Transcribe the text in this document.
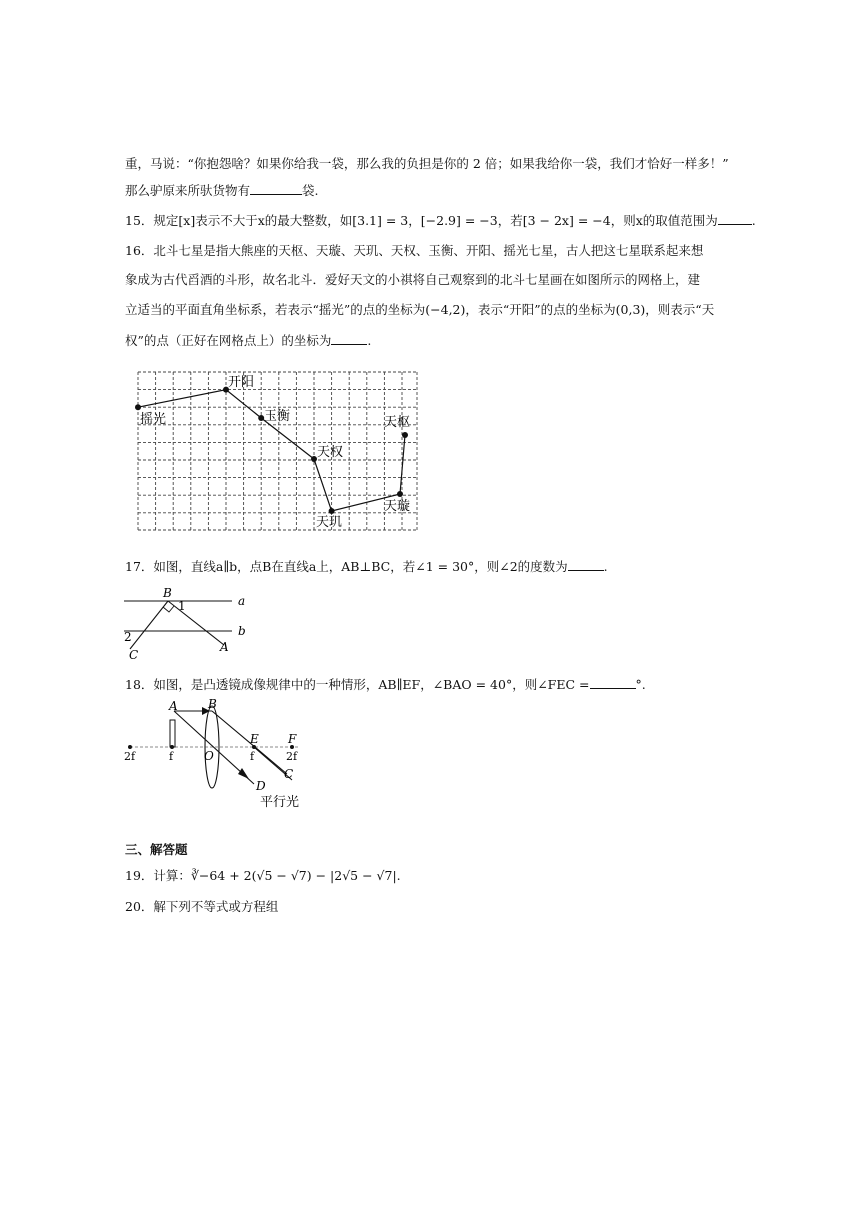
重，马说：“你抱怨啥？如果你给我一袋，那么我的负担是你的 2 倍；如果我给你一袋，我们才恰好一样多！”
那么驴原来所驮货物有	袋.
15．规定[x]表示不大于x的最大整数，如[3.1] = 3，[−2.9] = −3，若[3 − 2x] = −4，则x的取值范围为	.
16．北斗七星是指大熊座的天枢、天璇、天玑、天权、玉衡、开阳、摇光七星，古人把这七星联系起来想
象成为古代舀酒的斗形，故名北斗．爱好天文的小祺将自己观察到的北斗七星画在如图所示的网格上，建
立适当的平面直角坐标系，若表示“摇光”的点的坐标为(−4,2)，表示“开阳”的点的坐标为(0,3)，则表示“天
权”的点（正好在网格点上）的坐标为	.
摇光
开阳
玉衡
天权
天玑
天璇
天枢
17．如图，直线a∥b，点B在直线a上，AB⊥BC，若∠1 = 30°，则∠2的度数为	.
B
1	a
b
2
A
C
18．如图，是凸透镜成像规律中的一种情形，AB∥EF，∠BAO = 40°，则∠FEC =	°.
A	B
E F
2f	f	O	f	2f
C
D
平行光
三、解答题
19．计算：∛−64 + 2(√5 − √7) − |2√5 − √7|.
20．解下列不等式或方程组
